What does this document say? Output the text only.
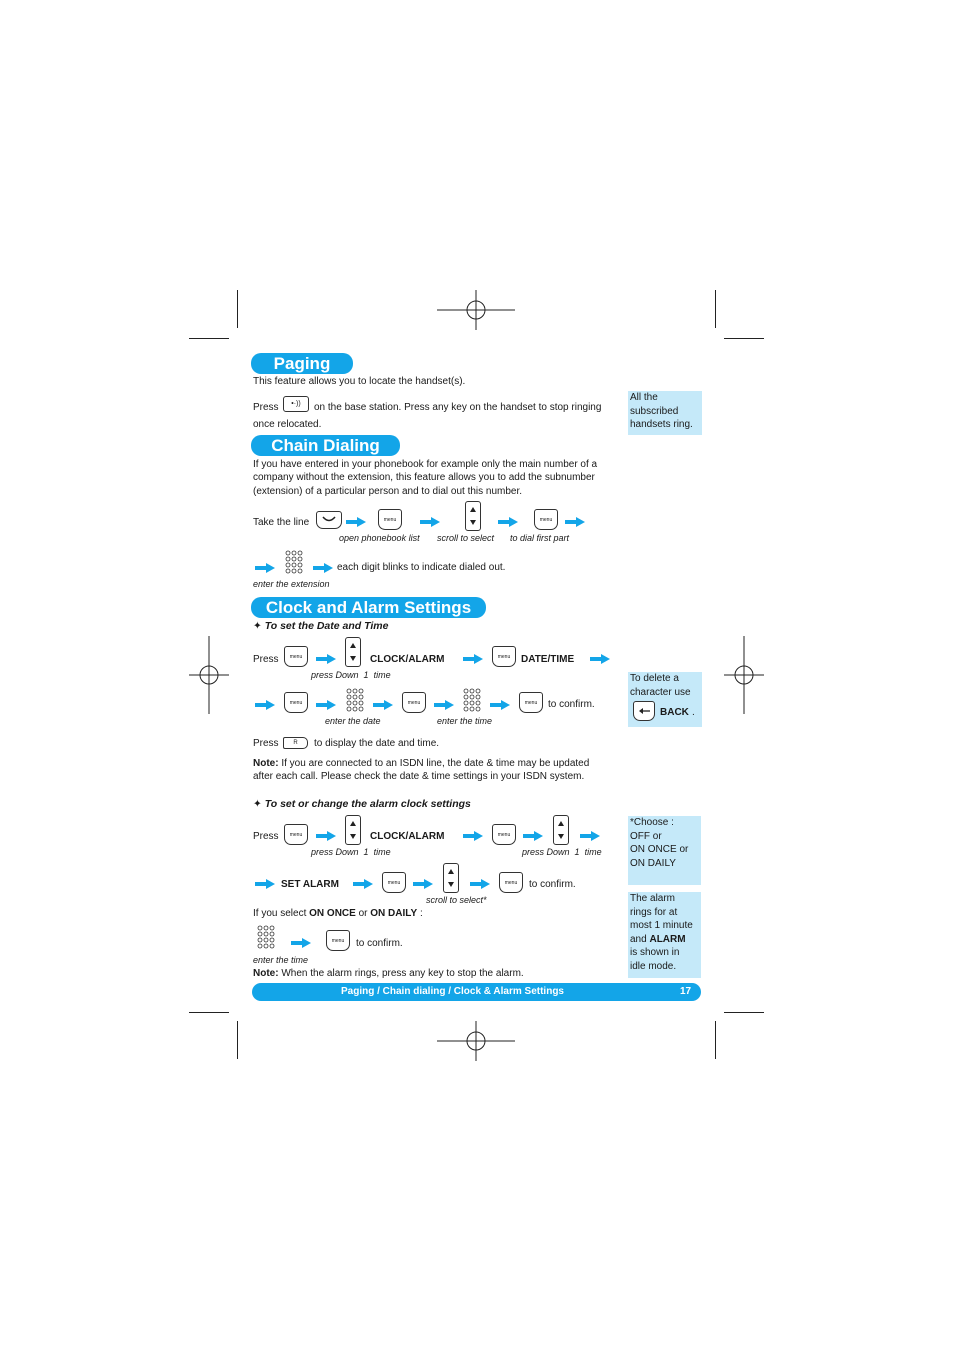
Paging
This feature allows you to locate the handset(s).
Press	•·))	on the base station. Press any key on the handset to stop ringing
once relocated.
Chain Dialing
If you have entered in your phonebook for example only the main number of a
company without the extension, this feature allows you to add the subnumber
(extension) of a particular person and to dial out this number.
Take the line	menu	menu
open phonebook list scroll to select to dial first part
each digit blinks to indicate dialed out.
enter the extension
Clock and Alarm Settings
✦ To set the Date and Time
Press	menu	CLOCK/ALARM	menu	DATE/TIME
press Down 1 time
menu	menu	menu	to confirm.
enter the date	enter the time
Press	R	to display the date and time.
Note: If you are connected to an ISDN line, the date & time may be updated
after each call. Please check the date & time settings in your ISDN system.
✦ To set or change the alarm clock settings
Press	menu	CLOCK/ALARM	menu
press Down 1 time	press Down 1 time
SET ALARM	menu	menu	to confirm.
scroll to select*
If you select ON ONCE or ON DAILY :
menu	to confirm.
enter the time
Note: When the alarm rings, press any key to stop the alarm.
All the
subscribed
handsets ring.
To delete a
character use
BACK .
*Choose :
OFF or
ON ONCE or
ON DAILY
The alarm
rings for at
most 1 minute
and ALARM
is shown in
idle mode.
Paging / Chain dialing / Clock & Alarm Settings	17
